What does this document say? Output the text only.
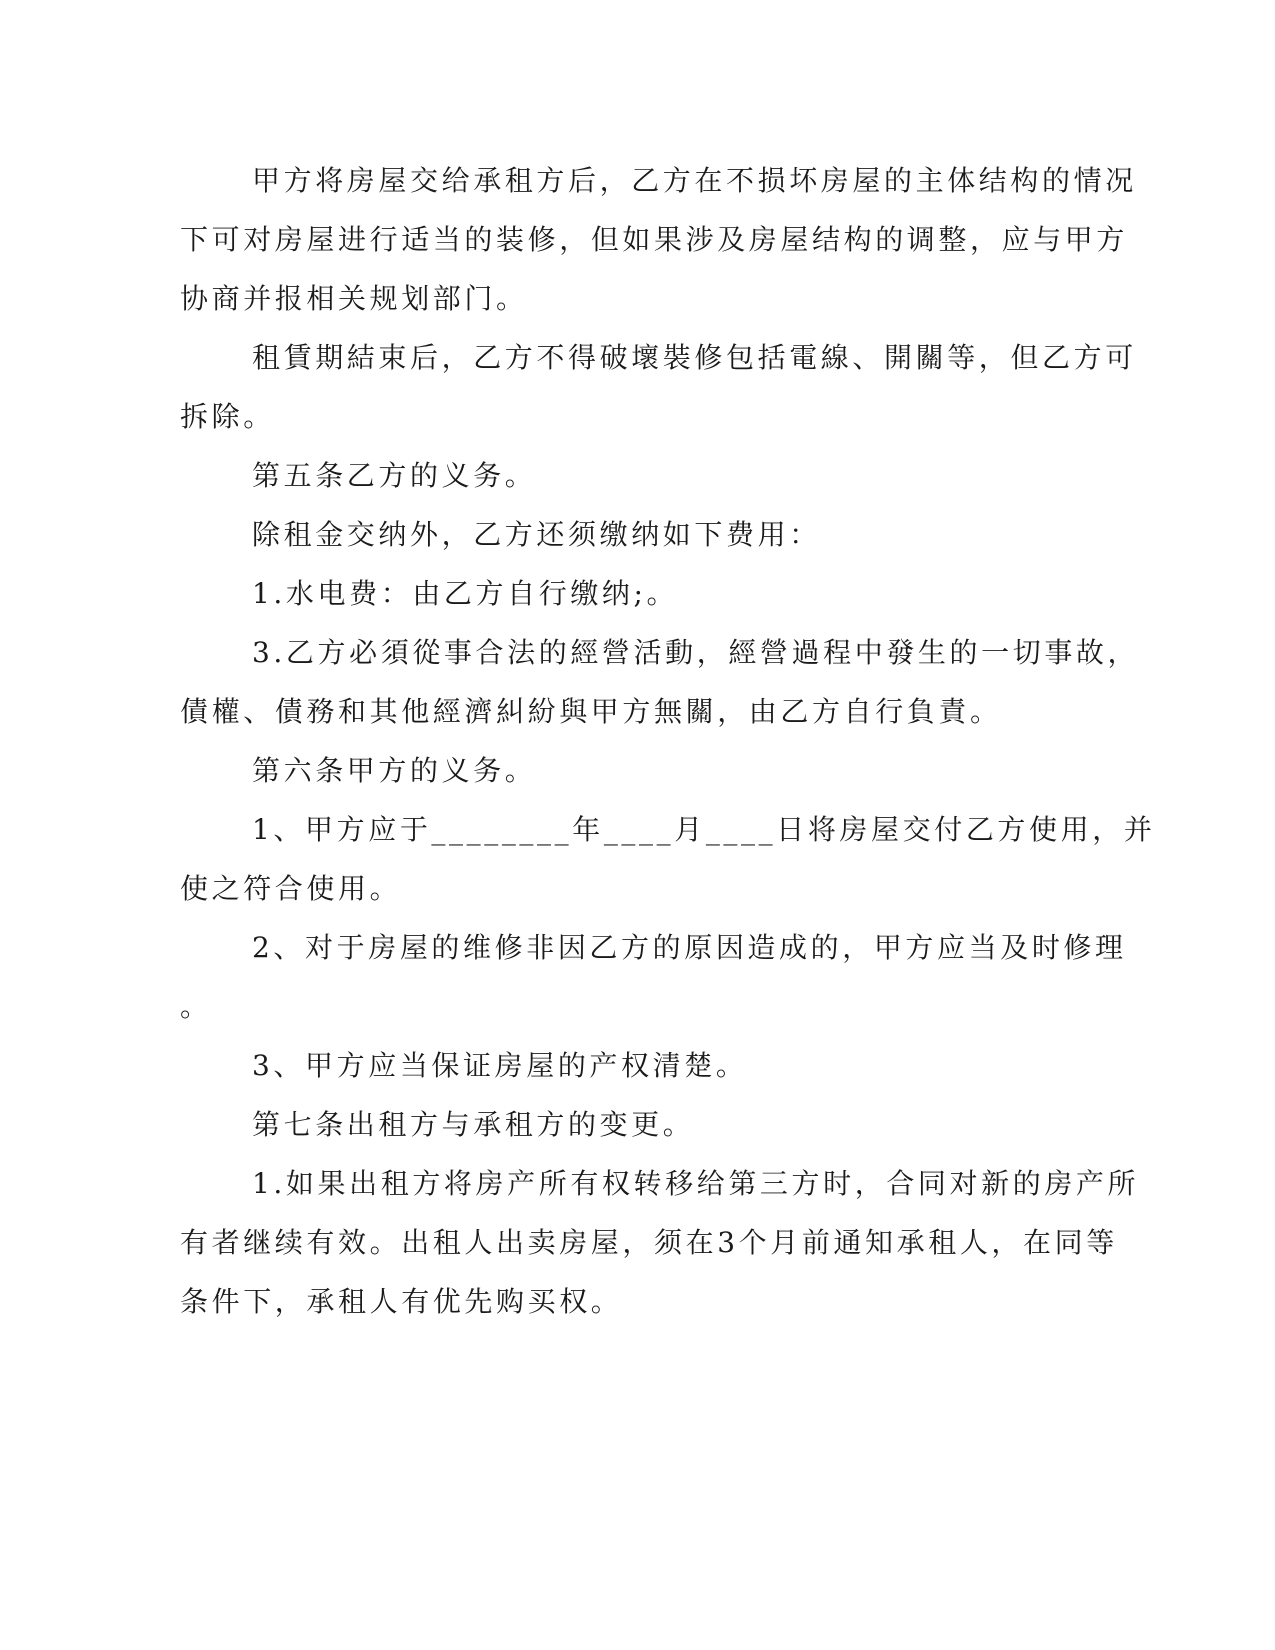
甲方将房屋交给承租方后，乙方在不损坏房屋的主体结构的情况
下可对房屋进行适当的装修，但如果涉及房屋结构的调整，应与甲方
协商并报相关规划部门。
租賃期結束后，乙方不得破壞裝修包括電線、開關等，但乙方可
拆除。
第五条乙方的义务。
除租金交纳外，乙方还须缴纳如下费用：
1.水电费：由乙方自行缴纳;。
3.乙方必須從事合法的經營活動，經營過程中發生的一切事故，
債權、債務和其他經濟糾紛與甲方無關，由乙方自行負責。
第六条甲方的义务。
1、甲方应于________年____月____日将房屋交付乙方使用，并
使之符合使用。
2、对于房屋的维修非因乙方的原因造成的，甲方应当及时修理
。
3、甲方应当保证房屋的产权清楚。
第七条出租方与承租方的变更。
1.如果出租方将房产所有权转移给第三方时，合同对新的房产所
有者继续有效。出租人出卖房屋，须在3个月前通知承租人，在同等
条件下，承租人有优先购买权。
